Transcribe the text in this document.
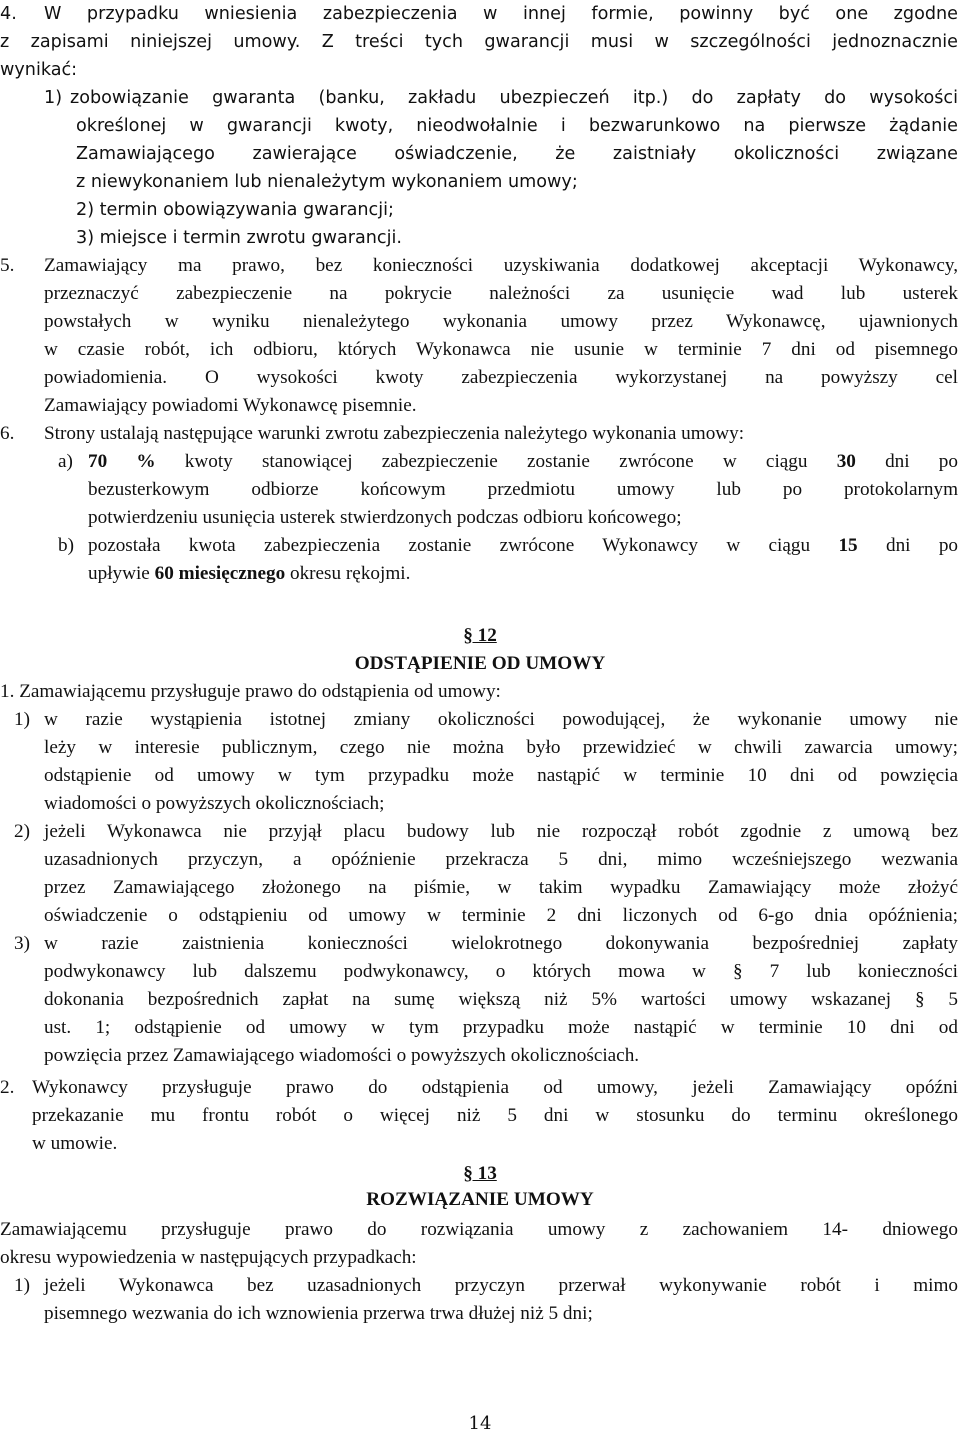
4. W przypadku wniesienia zabezpieczenia w innej formie, powinny być one zgodne
z zapisami niniejszej umowy. Z treści tych gwarancji musi w szczególności jednoznacznie
wynikać:
1) zobowiązanie gwaranta (banku, zakładu ubezpieczeń itp.) do zapłaty do wysokości
określonej w gwarancji kwoty, nieodwołalnie i bezwarunkowo na pierwsze żądanie
Zamawiającego zawierające oświadczenie, że zaistniały okoliczności związane
z niewykonaniem lub nienależytym wykonaniem umowy;
2) termin obowiązywania gwarancji;
3) miejsce i termin zwrotu gwarancji.
5. Zamawiający ma prawo, bez konieczności uzyskiwania dodatkowej akceptacji Wykonawcy,
przeznaczyć zabezpieczenie na pokrycie należności za usunięcie wad lub usterek
powstałych w wyniku nienależytego wykonania umowy przez Wykonawcę, ujawnionych
w czasie robót, ich odbioru, których Wykonawca nie usunie w terminie 7 dni od pisemnego
powiadomienia. O wysokości kwoty zabezpieczenia wykorzystanej na powyższy cel
Zamawiający powiadomi Wykonawcę pisemnie.
6. Strony ustalają następujące warunki zwrotu zabezpieczenia należytego wykonania umowy:
a) 70 % kwoty stanowiącej zabezpieczenie zostanie zwrócone w ciągu 30 dni po
bezusterkowym odbiorze końcowym przedmiotu umowy lub po protokolarnym
potwierdzeniu usunięcia usterek stwierdzonych podczas odbioru końcowego;
b) pozostała kwota zabezpieczenia zostanie zwrócone Wykonawcy w ciągu 15 dni po
upływie 60 miesięcznego okresu rękojmi.
§ 12
ODSTĄPIENIE OD UMOWY
1. Zamawiającemu przysługuje prawo do odstąpienia od umowy:
1) w razie wystąpienia istotnej zmiany okoliczności powodującej, że wykonanie umowy nie
leży w interesie publicznym, czego nie można było przewidzieć w chwili zawarcia umowy;
odstąpienie od umowy w tym przypadku może nastąpić w terminie 10 dni od powzięcia
wiadomości o powyższych okolicznościach;
2) jeżeli Wykonawca nie przyjął placu budowy lub nie rozpoczął robót zgodnie z umową bez
uzasadnionych przyczyn, a opóźnienie przekracza 5 dni, mimo wcześniejszego wezwania
przez Zamawiającego złożonego na piśmie, w takim wypadku Zamawiający może złożyć
oświadczenie o odstąpieniu od umowy w terminie 2 dni liczonych od 6-go dnia opóźnienia;
3) w razie zaistnienia konieczności wielokrotnego dokonywania bezpośredniej zapłaty
podwykonawcy lub dalszemu podwykonawcy, o których mowa w § 7 lub konieczności
dokonania bezpośrednich zapłat na sumę większą niż 5% wartości umowy wskazanej § 5
ust. 1; odstąpienie od umowy w tym przypadku może nastąpić w terminie 10 dni od
powzięcia przez Zamawiającego wiadomości o powyższych okolicznościach.
2. Wykonawcy przysługuje prawo do odstąpienia od umowy, jeżeli Zamawiający opóźni
przekazanie mu frontu robót o więcej niż 5 dni w stosunku do terminu określonego
w umowie.
§ 13
ROZWIĄZANIE UMOWY
Zamawiającemu przysługuje prawo do rozwiązania umowy z zachowaniem 14- dniowego
okresu wypowiedzenia w następujących przypadkach:
1) jeżeli Wykonawca bez uzasadnionych przyczyn przerwał wykonywanie robót i mimo
pisemnego wezwania do ich wznowienia przerwa trwa dłużej niż 5 dni;
14
